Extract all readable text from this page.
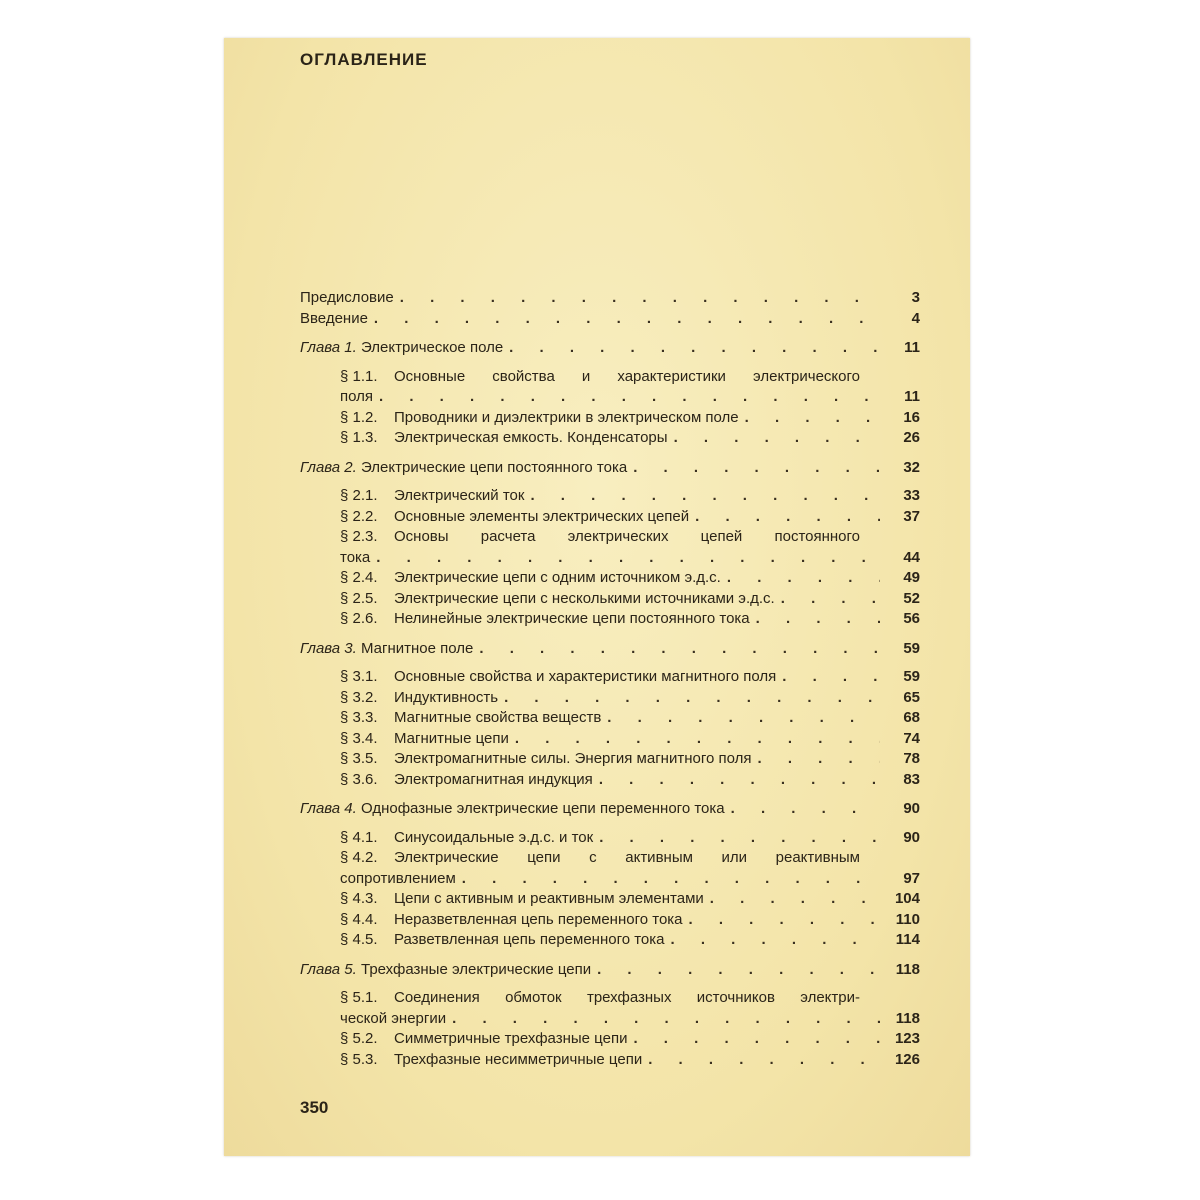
ОГЛАВЛЕНИЕ
Предисловие . . .	3
Введение . . .	4
Глава 1. Электрическое поле . . .	11
§ 1.1. Основные свойства и характеристики электрического
поля . . .	11
§ 1.2. Проводники и диэлектрики в электрическом поле . . .	16
§ 1.3. Электрическая емкость. Конденсаторы . . .	26
Глава 2. Электрические цепи постоянного тока . . .	32
§ 2.1. Электрический ток . . .	33
§ 2.2. Основные элементы электрических цепей . . .	37
§ 2.3. Основы расчета электрических цепей постоянного
тока . . .	44
§ 2.4. Электрические цепи с одним источником э.д.с. . . .	49
§ 2.5. Электрические цепи с несколькими источниками э.д.с. . . .	52
§ 2.6. Нелинейные электрические цепи постоянного тока . . .	56
Глава 3. Магнитное поле . . .	59
§ 3.1. Основные свойства и характеристики магнитного поля . . .	59
§ 3.2. Индуктивность . . .	65
§ 3.3. Магнитные свойства веществ . . .	68
§ 3.4. Магнитные цепи . . .	74
§ 3.5. Электромагнитные силы. Энергия магнитного поля . . .	78
§ 3.6. Электромагнитная индукция . . .	83
Глава 4. Однофазные электрические цепи переменного тока . . .	90
§ 4.1. Синусоидальные э.д.с. и ток . . .	90
§ 4.2. Электрические цепи с активным или реактивным
сопротивлением . . .	97
§ 4.3. Цепи с активным и реактивным элементами . . .	104
§ 4.4. Неразветвленная цепь переменного тока . . .	110
§ 4.5. Разветвленная цепь переменного тока . . .	114
Глава 5. Трехфазные электрические цепи . . .	118
§ 5.1. Соединения обмоток трехфазных источников электри-
ческой энергии . . .	118
§ 5.2. Симметричные трехфазные цепи . . .	123
§ 5.3. Трехфазные несимметричные цепи . . .	126
350
